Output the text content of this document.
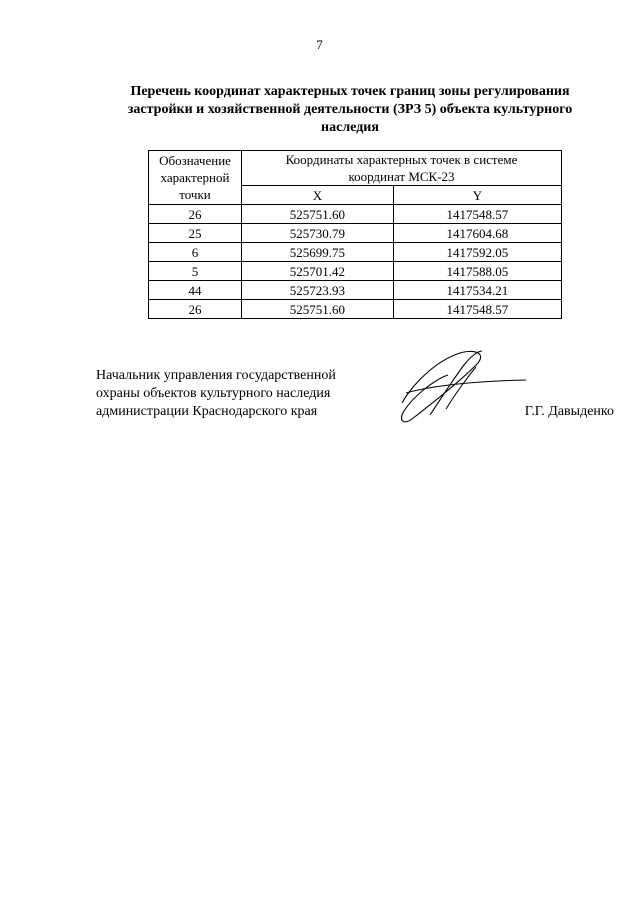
7
Перечень координат характерных точек границ зоны регулирования
застройки и хозяйственной деятельности (ЗРЗ 5) объекта культурного
наследия
Обозначение
характерной
точки	Координаты характерных точек в системе
координат МСК-23	

	X	Y
26	525751.60	1417548.57
25	525730.79	1417604.68
6	525699.75	1417592.05
5	525701.42	1417588.05
44	525723.93	1417534.21
26	525751.60	1417548.57
Начальник управления государственной
охраны объектов культурного наследия
администрации Краснодарского края	Г.Г. Давыденко
